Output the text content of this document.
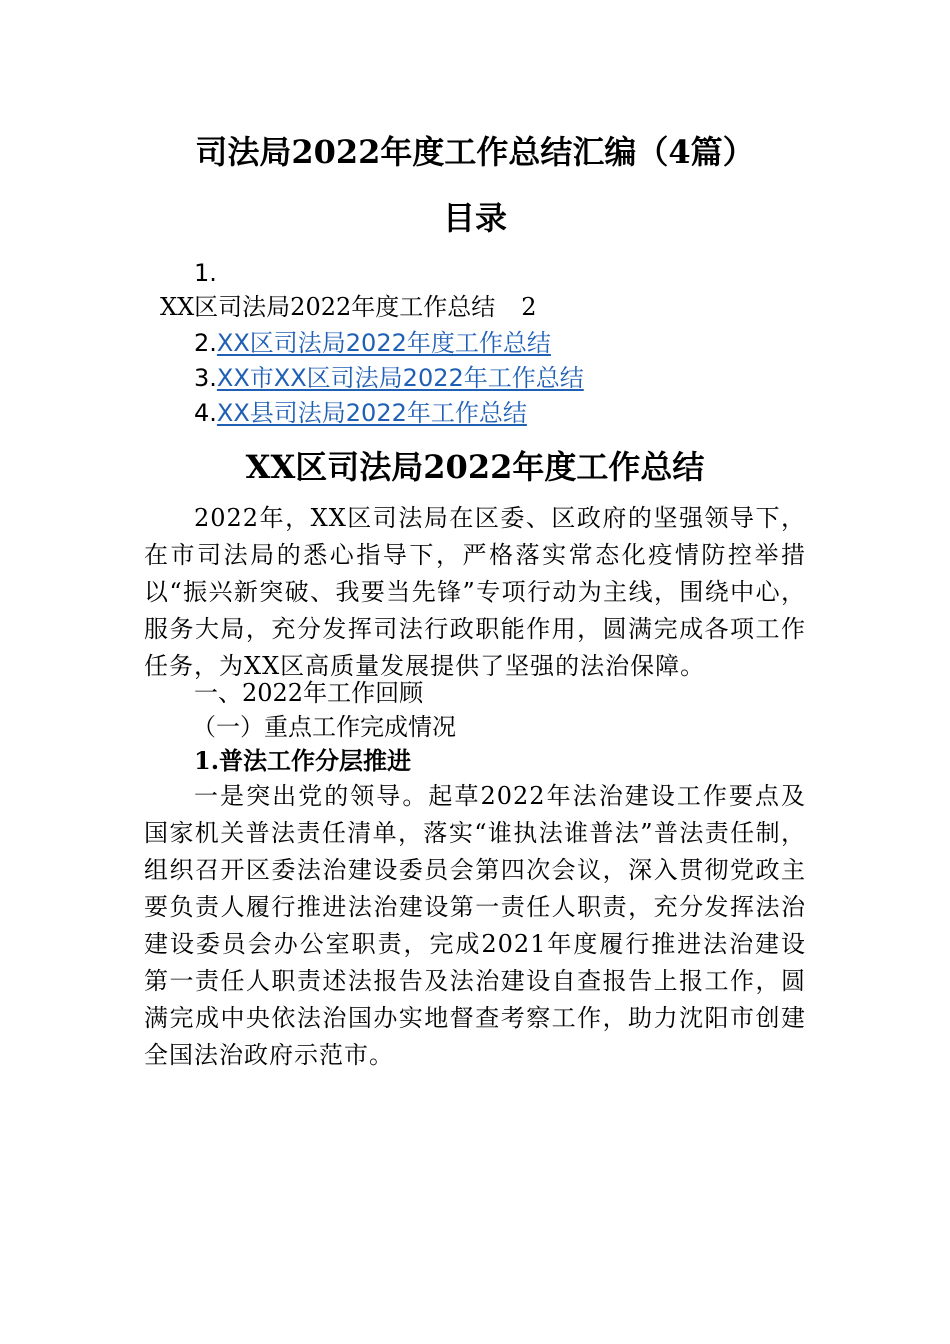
司法局2022年度工作总结汇编（4篇）
目录
1.
XX区司法局2022年度工作总结 2
2.XX区司法局2022年度工作总结
3.XX市XX区司法局2022年工作总结
4.XX县司法局2022年工作总结
XX区司法局2022年度工作总结
2022年，XX区司法局在区委、区政府的坚强领导下，在市司法局的悉心指导下，严格落实常态化疫情防控举措以“振兴新突破、我要当先锋”专项行动为主线，围绕中心，服务大局，充分发挥司法行政职能作用，圆满完成各项工作任务，为XX区高质量发展提供了坚强的法治保障。
一、2022年工作回顾
（一）重点工作完成情况
1.普法工作分层推进
一是突出党的领导。起草2022年法治建设工作要点及国家机关普法责任清单，落实“谁执法谁普法”普法责任制，组织召开区委法治建设委员会第四次会议，深入贯彻党政主要负责人履行推进法治建设第一责任人职责，充分发挥法治建设委员会办公室职责，完成2021年度履行推进法治建设第一责任人职责述法报告及法治建设自查报告上报工作，圆满完成中央依法治国办实地督查考察工作，助力沈阳市创建全国法治政府示范市。
